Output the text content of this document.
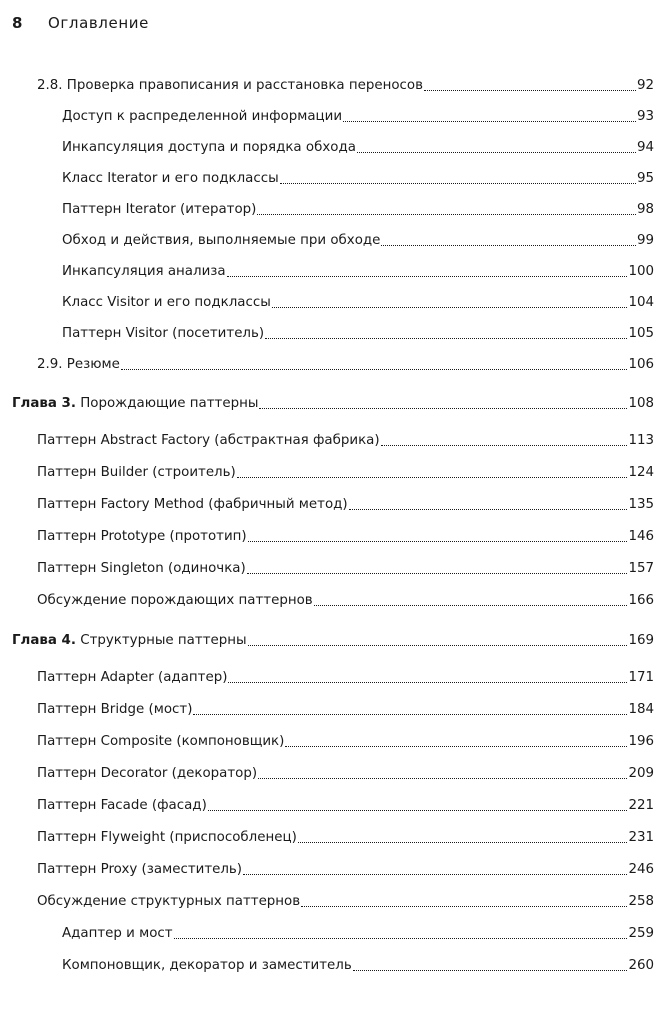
8	Оглавление
2.8. Проверка правописания и расстановка переносов	92
Доступ к распределенной информации	93
Инкапсуляция доступа и порядка обхода	94
Класс Iterator и его подклассы	95
Паттерн Iterator (итератор)	98
Обход и действия, выполняемые при обходе	99
Инкапсуляция анализа	100
Класс Visitor и его подклассы	104
Паттерн Visitor (посетитель)	105
2.9. Резюме	106
Глава 3. Порождающие паттерны	108
Паттерн Abstract Factory (абстрактная фабрика)	113
Паттерн Builder (строитель)	124
Паттерн Factory Method (фабричный метод)	135
Паттерн Prototype (прототип)	146
Паттерн Singleton (одиночка)	157
Обсуждение порождающих паттернов	166
Глава 4. Структурные паттерны	169
Паттерн Adapter (адаптер)	171
Паттерн Bridge (мост)	184
Паттерн Composite (компоновщик)	196
Паттерн Decorator (декоратор)	209
Паттерн Facade (фасад)	221
Паттерн Flyweight (приспособленец)	231
Паттерн Proxy (заместитель)	246
Обсуждение структурных паттернов	258
Адаптер и мост	259
Компоновщик, декоратор и заместитель	260
